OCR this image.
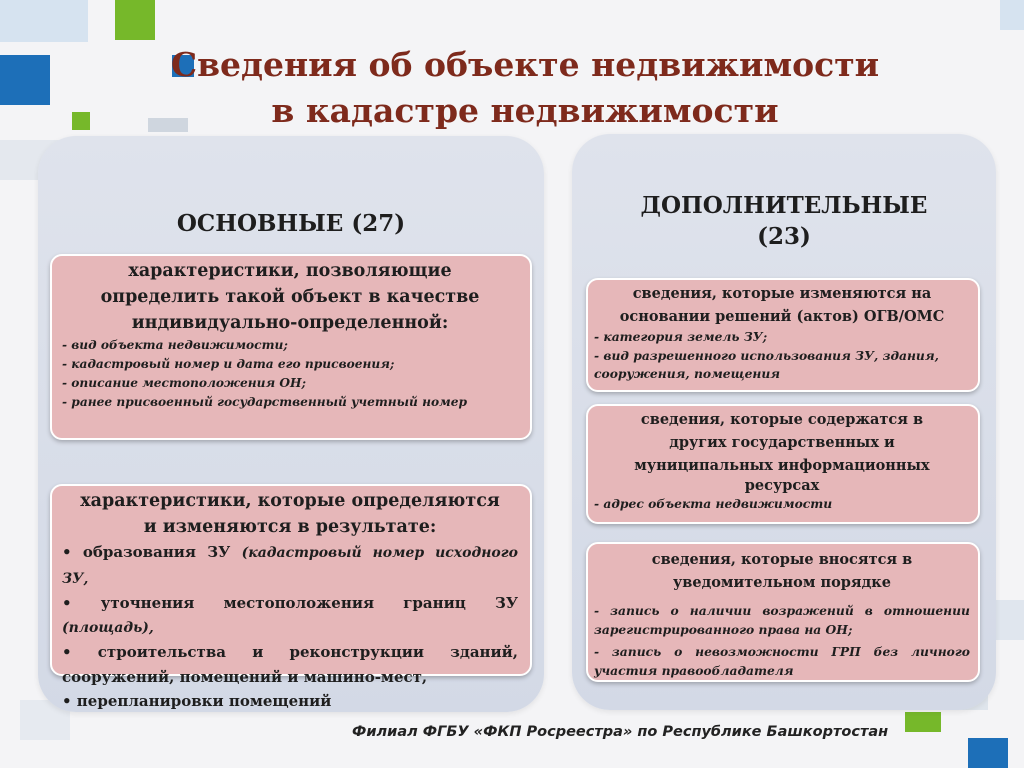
Сведения об объекте недвижимости
в кадастре недвижимости
ОСНОВНЫЕ (27)
характеристики, позволяющие
определить такой объект в качестве
индивидуально-определенной:
- вид объекта недвижимости;
- кадастровый номер и дата его присвоения;
- описание местоположения ОН;
- ранее присвоенный государственный учетный номер
характеристики, которые определяются
и изменяются в результате:
• образования ЗУ (кадастровый номер исходного ЗУ,
• уточнения местоположения границ ЗУ
(площадь),
• строительства и реконструкции зданий,
сооружений, помещений и машино-мест,
• перепланировки помещений
ДОПОЛНИТЕЛЬНЫЕ
(23)
сведения, которые изменяются на
основании решений (актов) ОГВ/ОМС
- категория земель ЗУ;
- вид разрешенного использования ЗУ, здания,
сооружения, помещения
сведения, которые содержатся в
других государственных и
муниципальных информационных
ресурсах
- адрес объекта недвижимости
сведения, которые вносятся в
уведомительном порядке
- запись о наличии возражений в отношении
зарегистрированного права на ОН;
- запись о невозможности ГРП без личного
участия правообладателя
Филиал ФГБУ «ФКП Росреестра» по Республике Башкортостан
